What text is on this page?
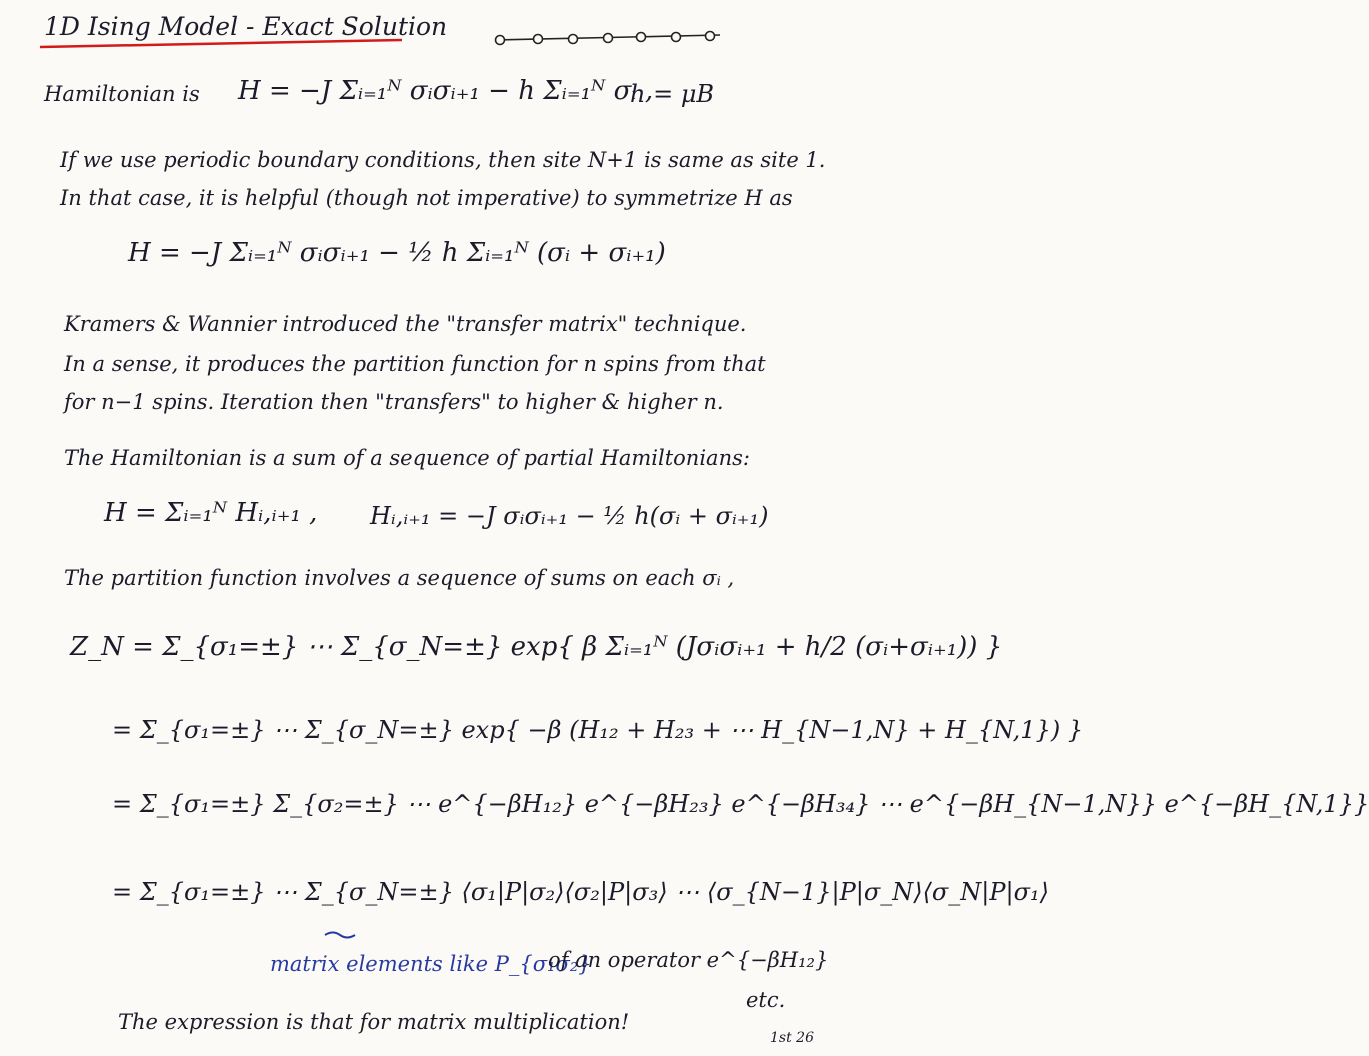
1D Ising Model - Exact Solution
Hamiltonian is H = −J Σᵢ₌₁ᴺ σᵢσᵢ₊₁ − h Σᵢ₌₁ᴺ σᵢ ,
h = μB
If we use periodic boundary conditions, then site N+1 is same as site 1.
In that case, it is helpful (though not imperative) to symmetrize H as
H = −J Σᵢ₌₁ᴺ σᵢσᵢ₊₁ − ½ h Σᵢ₌₁ᴺ (σᵢ + σᵢ₊₁)
Kramers & Wannier introduced the "transfer matrix" technique.
In a sense, it produces the partition function for n spins from that
for n−1 spins. Iteration then "transfers" to higher & higher n.
The Hamiltonian is a sum of a sequence of partial Hamiltonians:
H = Σᵢ₌₁ᴺ Hᵢ,ᵢ₊₁ , Hᵢ,ᵢ₊₁ = −J σᵢσᵢ₊₁ − ½ h(σᵢ + σᵢ₊₁)
The partition function involves a sequence of sums on each σᵢ ,
Z_N = Σ_{σ₁=±} ⋯ Σ_{σ_N=±} exp{ β Σᵢ₌₁ᴺ (Jσᵢσᵢ₊₁ + h/2 (σᵢ+σᵢ₊₁)) }
= Σ_{σ₁=±} ⋯ Σ_{σ_N=±} exp{ −β (H₁₂ + H₂₃ + ⋯ H_{N−1,N} + H_{N,1}) }
= Σ_{σ₁=±} Σ_{σ₂=±} ⋯ e^{−βH₁₂} e^{−βH₂₃} e^{−βH₃₄} ⋯ e^{−βH_{N−1,N}} e^{−βH_{N,1}}
= Σ_{σ₁=±} ⋯ Σ_{σ_N=±} ⟨σ₁|P|σ₂⟩⟨σ₂|P|σ₃⟩ ⋯ ⟨σ_{N−1}|P|σ_N⟩⟨σ_N|P|σ₁⟩
matrix elements like P_{σ₁σ₂}
of an operator e^{−βH₁₂}
etc.
The expression is that for matrix multiplication!
1st 26
